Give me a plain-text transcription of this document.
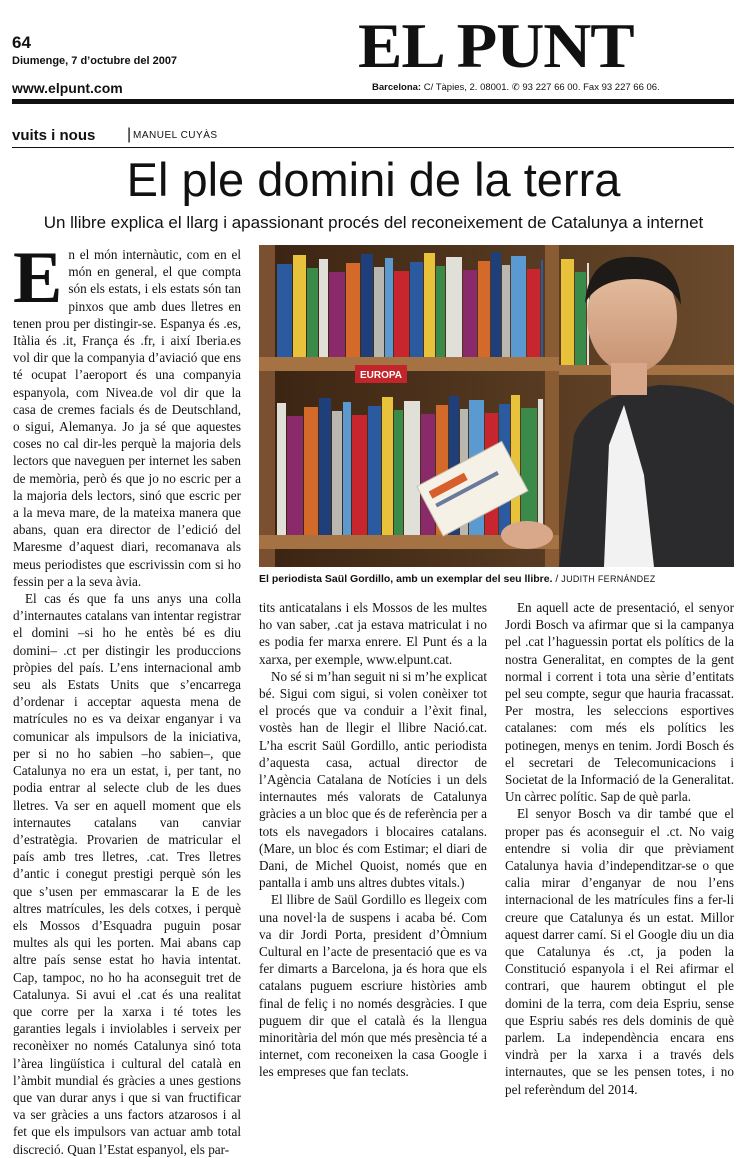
64
Diumenge, 7 d’octubre del 2007
www.elpunt.com
EL PUNT
Barcelona: C/ Tàpies, 2. 08001. ✆ 93 227 66 00. Fax 93 227 66 06.
vuits i nous | MANUEL CUYÀS
El ple domini de la terra
Un llibre explica el llarg i apassionant procés del reconeixement de Catalunya a internet

En el món internàutic, com en el món en general, el que compta són els estats, i els estats són tan pinxos que amb dues lletres en tenen prou per distingir-se. Espanya és .es, Itàlia és .it, França és .fr, i així Iberia.es vol dir que la companyia d’aviació que ens té ocupat l’aeroport és una companyia espanyola, com Nivea.de vol dir que la casa de cremes facials és de Deutschland, o sigui, Alemanya. Jo ja sé que aquestes coses no cal dir-les perquè la majoria dels lectors que naveguen per internet les saben de memòria, però és que jo no escric per a la majoria dels lectors, sinó que escric per a la meva mare, de la mateixa manera que abans, quan era director de l’edició del Maresme d’aquest diari, recomanava als meus periodistes que escrivissin com si ho fessin per a la seva àvia.

El cas és que fa uns anys una colla d’internautes catalans van intentar registrar el domini –si ho he entès bé es diu domini– .ct per distingir les produccions pròpies del país. L’ens internacional amb seu als Estats Units que s’encarrega d’ordenar i acceptar aquesta mena de matrícules no es va deixar enganyar i va comunicar als impulsors de la iniciativa, per si no ho sabien –ho sabien–, que Catalunya no era un estat, i, per tant, no podia entrar al selecte club de les dues lletres. Va ser en aquell moment que els internautes catalans van canviar d’estratègia. Provarien de matricular el país amb tres lletres, .cat. Tres lletres d’antic i conegut prestigi perquè són les que s’usen per emmascarar la E de les altres matrícules, les dels cotxes, i perquè els Mossos d’Esquadra puguin posar multes als qui les porten. Mai abans cap altre país sense estat ho havia intentat. Cap, tampoc, no ho ha aconseguit tret de Catalunya. Si avui el .cat és una realitat que corre per la xarxa i té totes les garanties legals i inviolables i serveix per reconèixer no només Catalunya sinó tota l’àrea lingüística i cultural del català en l’àmbit mundial és gràcies a unes gestions que van durar anys i que si van fructificar va ser gràcies a uns factors atzarosos i al fet que els impulsors van actuar amb total discreció. Quan l’Estat espanyol, els par-

EUROPA
El periodista Saül Gordillo, amb un exemplar del seu llibre. / JUDITH FERNÁNDEZ

tits anticatalans i els Mossos de les multes ho van saber, .cat ja estava matriculat i no es podia fer marxa enrere. El Punt és a la xarxa, per exemple, www.elpunt.cat.

No sé si m’han seguit ni si m’he explicat bé. Sigui com sigui, si volen conèixer tot el procés que va conduir a l’èxit final, vostès han de llegir el llibre Nació.cat. L’ha escrit Saül Gordillo, antic periodista d’aquesta casa, actual director de l’Agència Catalana de Notícies i un dels internautes més valorats de Catalunya gràcies a un bloc que és de referència per a tots els navegadors i blocaires catalans. (Mare, un bloc és com Estimar; el diari de Dani, de Michel Quoist, només que en pantalla i amb uns altres dubtes vitals.)

El llibre de Saül Gordillo es llegeix com una novel·la de suspens i acaba bé. Com va dir Jordi Porta, president d’Òmnium Cultural en l’acte de presentació que es va fer dimarts a Barcelona, ja és hora que els catalans puguem escriure històries amb final de feliç i no només desgràcies. I que puguem dir que el català és la llengua minoritària del món que més presència té a internet, com reconeixen la casa Google i les empreses que fan teclats.

En aquell acte de presentació, el senyor Jordi Bosch va afirmar que si la campanya pel .cat l’haguessin portat els polítics de la nostra Generalitat, en comptes de la gent normal i corrent i tota una sèrie d’entitats pel seu compte, segur que hauria fracassat. Per mostra, les seleccions esportives catalanes: com més els polítics les potinegen, menys en tenim. Jordi Bosch és el secretari de Telecomunicacions i Societat de la Informació de la Generalitat. Un càrrec polític. Sap de què parla.

El senyor Bosch va dir també que el proper pas és aconseguir el .ct. No vaig entendre si volia dir que prèviament Catalunya havia d’independitzar-se o que calia mirar d’enganyar de nou l’ens internacional de les matrícules fins a fer-li creure que Catalunya és un estat. Millor aquest darrer camí. Si el Google diu un dia que Catalunya és .ct, ja poden la Constitució espanyola i el Rei afirmar el contrari, que haurem obtingut el ple domini de la terra, com deia Espriu, sense que Espriu sabés res dels dominis de què parlem. La independència encara ens vindrà per la xarxa i a través dels internautes, que se les pensen totes, i no pel referèndum del 2014.
